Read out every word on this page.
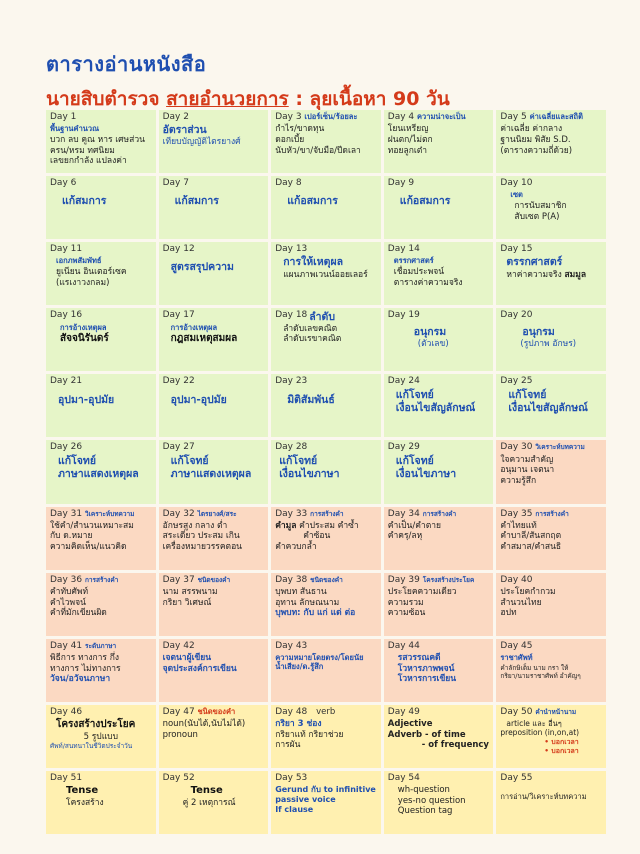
ตารางอ่านหนังสือ
นายสิบตำรวจ สายอำนวยการ : ลุยเนื้อหา 90 วัน
Day 1
พื้นฐานคำนวณ
บวก ลบ คูณ หาร เศษส่วน
ครน/หรม ทศนิยม
เลขยกกำลัง แปลงค่า
Day 2
อัตราส่วน
เทียบบัญญัติไตรยางศ์
Day 3 เปอร์เซ็น/ร้อยละ
กำไร/ขาดทุน
ดอกเบี้ย
นับหัว/ขา/จับมือ/ปีดเลา
Day 4 ความน่าจะเป็น
โยนเหรียญ
ฝนตก/ไม่ตก
ทอยลูกเต๋า
Day 5 ค่าเฉลี่ยและสถิติ
ค่าเฉลี่ย ค่ากลาง
ฐานนิยม พิสัย S.D.
(ตารางความถี่ด้วย)
Day 6
แก้สมการ
Day 7
แก้สมการ
Day 8
แก้อสมการ
Day 9
แก้อสมการ
Day 10
เซต
การนับสมาชิก
สับเซต P(A)
Day 11
เอกภพสัมพัทธ์
ยูเนียน อินเตอร์เซค
(แรเงาวงกลม)
Day 12
สูตรสรุปความ
Day 13
การให้เหตุผล
แผนภาพเวนน์ออยเลอร์
Day 14
ตรรกศาสตร์
เชื่อมประพจน์
ตารางค่าความจริง
Day 15
ตรรกศาสตร์
หาค่าความจริง สมมูล
Day 16
การอ้างเหตุผล
สัจจนิรันดร์
Day 17
การอ้างเหตุผล
กฎสมเหตุสมผล
Day 18 ลำดับ
ลำดับเลขคณิต
ลำดับเรขาคณิต
Day 19
อนุกรม
(ตัวเลข)
Day 20
อนุกรม
(รูปภาพ อักษร)
Day 21
อุปมา-อุปมัย
Day 22
อุปมา-อุปมัย
Day 23
มิติสัมพันธ์
Day 24
แก้โจทย์
เงื่อนไขสัญลักษณ์
Day 25
แก้โจทย์
เงื่อนไขสัญลักษณ์
Day 26
แก้โจทย์
ภาษาแสดงเหตุผล
Day 27
แก้โจทย์
ภาษาแสดงเหตุผล
Day 28
แก้โจทย์
เงื่อนไขภาษา
Day 29
แก้โจทย์
เงื่อนไขภาษา
Day 30 วิเคราะห์บทความ
ใจความสำคัญ
อนุมาน เจตนา
ความรู้สึก
Day 31 วิเคราะห์บทความ
ใช้คำ/สำนวนเหมาะสม
กับ ด.หมาย
ความคิดเห็น/แนวคิด
Day 32 ไตรยางศ์/สระ
อักษรสูง กลาง ต่ำ
สระเดี่ยว ประสม เกิน
เครื่องหมายวรรคตอน
Day 33 การสร้างคำ
คำมูล คำประสม คำซ้ำ
คำซ้อน
คำควบกล้ำ
Day 34 การสร้างคำ
คำเป็น/คำตาย
คำครุ/ลหุ
Day 35 การสร้างคำ
คำไทยแท้
คำบาลี/สันสกฤต
คำสมาส/คำสนธิ
Day 36 การสร้างคำ
คำทับศัพท์
คำไวพจน์
คำที่มักเขียนผิด
Day 37 ชนิดของคำ
นาม สรรพนาม
กริยา วิเศษณ์
Day 38 ชนิดของคำ
บุพบท สันธาน
อุทาน ลักษณนาม
บุพบท: กับ แก่ แด่ ต่อ
Day 39 โครงสร้างประโยค
ประโยคความเดียว
ความรวม
ความซ้อน
Day 40
ประโยคกำกวม
สำนวนไทย
ฮปท
Day 41 ระดับภาษา
พิธีการ ทางการ กึ่ง
ทางการ ไม่ทางการ
วัจน/อวัจนภาษา
Day 42
เจตนาผู้เขียน
จุดประสงค์การเขียน
Day 43
ความหมายโดยตรง/โดยนัย
น้ำเสียง/ด.รู้สึก
Day 44
รสวรรณคดี
โวหารภาพพจน์
โวหารการเขียน
Day 45
ราชาศัพท์
คำลักษิเต็ม นาม กรา ให้
กริยา/นามราชาศัพท์ อำคัญๆ
Day 46
โครงสร้างประโยค
5 รูปแบบ
ศัพท์/สนทนาในชีวิตประจำวัน
Day 47 ชนิดของคำ
noun(นับได้,นับไม่ได้)
pronoun
Day 48 verb
กริยา 3 ช่อง
กริยาแท้ กริยาช่วย
การผัน
Day 49
Adjective
Adverb - of time
- of frequency
Day 50 คำนำหน้านาม
article และ อื่นๆ
preposition (in,on,at)
• บอกเวลา
• บอกเวลา
Day 51
Tense
โครงสร้าง
Day 52
Tense
คู่ 2 เหตุการณ์
Day 53
Gerund กับ to infinitive
passive voice
If clause
Day 54
wh-question
yes-no question
Question tag
Day 55
การอ่าน/วิเคราะห์บทความ
